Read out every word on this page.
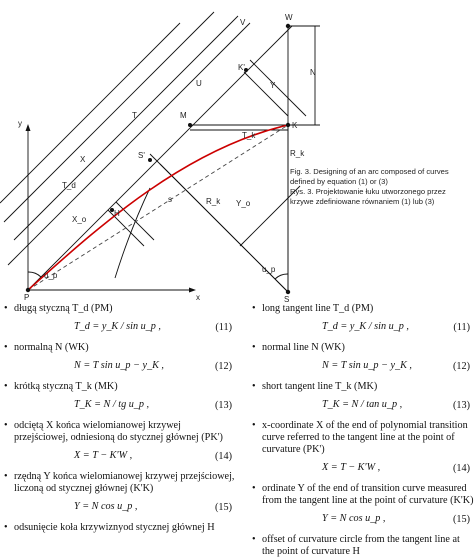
y
x
P	S
K
W
K'
M
S'
H
s
N
V
U
T
Y
X
T_d
T_k
R_k
R_k Y_o
X_o
u_p
u_p
Fig. 3. Designing of an arc composed of curves
defined by equation (1) or (3)
Rys. 3. Projektowanie łuku utworzonego przez
krzywe zdefiniowane równaniem (1) lub (3)
• długą styczną T_d (PM)
T_d = y_K / sin u_p ,	(11)
• normalną N (WK)
N = T sin u_p − y_K ,	(12)
• krótką styczną T_k (MK)
T_K = N / tg u_p ,	(13)
• odciętą X końca wielomianowej krzywej przejściowej, odniesioną do stycznej głównej (PK')
X = T − K'W ,	(14)
• rzędną Y końca wielomianowej krzywej przejściowej, liczoną od stycznej głównej (K'K)
Y = N cos u_p ,	(15)
• odsunięcie koła krzywiznyod stycznej głównej H
• long tangent line T_d (PM)
T_d = y_K / sin u_p ,	(11)
• normal line N (WK)
N = T sin u_p − y_K ,	(12)
• short tangent line T_k (MK)
T_K = N / tan u_p ,	(13)
• x-coordinate X of the end of polynomial transition curve referred to the tangent line at the point of curvature (PK')
X = T − K'W ,	(14)
• ordinate Y of the end of transition curve measured from the tangent line at the point of curvature (K'K)
Y = N cos u_p ,	(15)
• offset of curvature circle from the tangent line at the point of curvature H
